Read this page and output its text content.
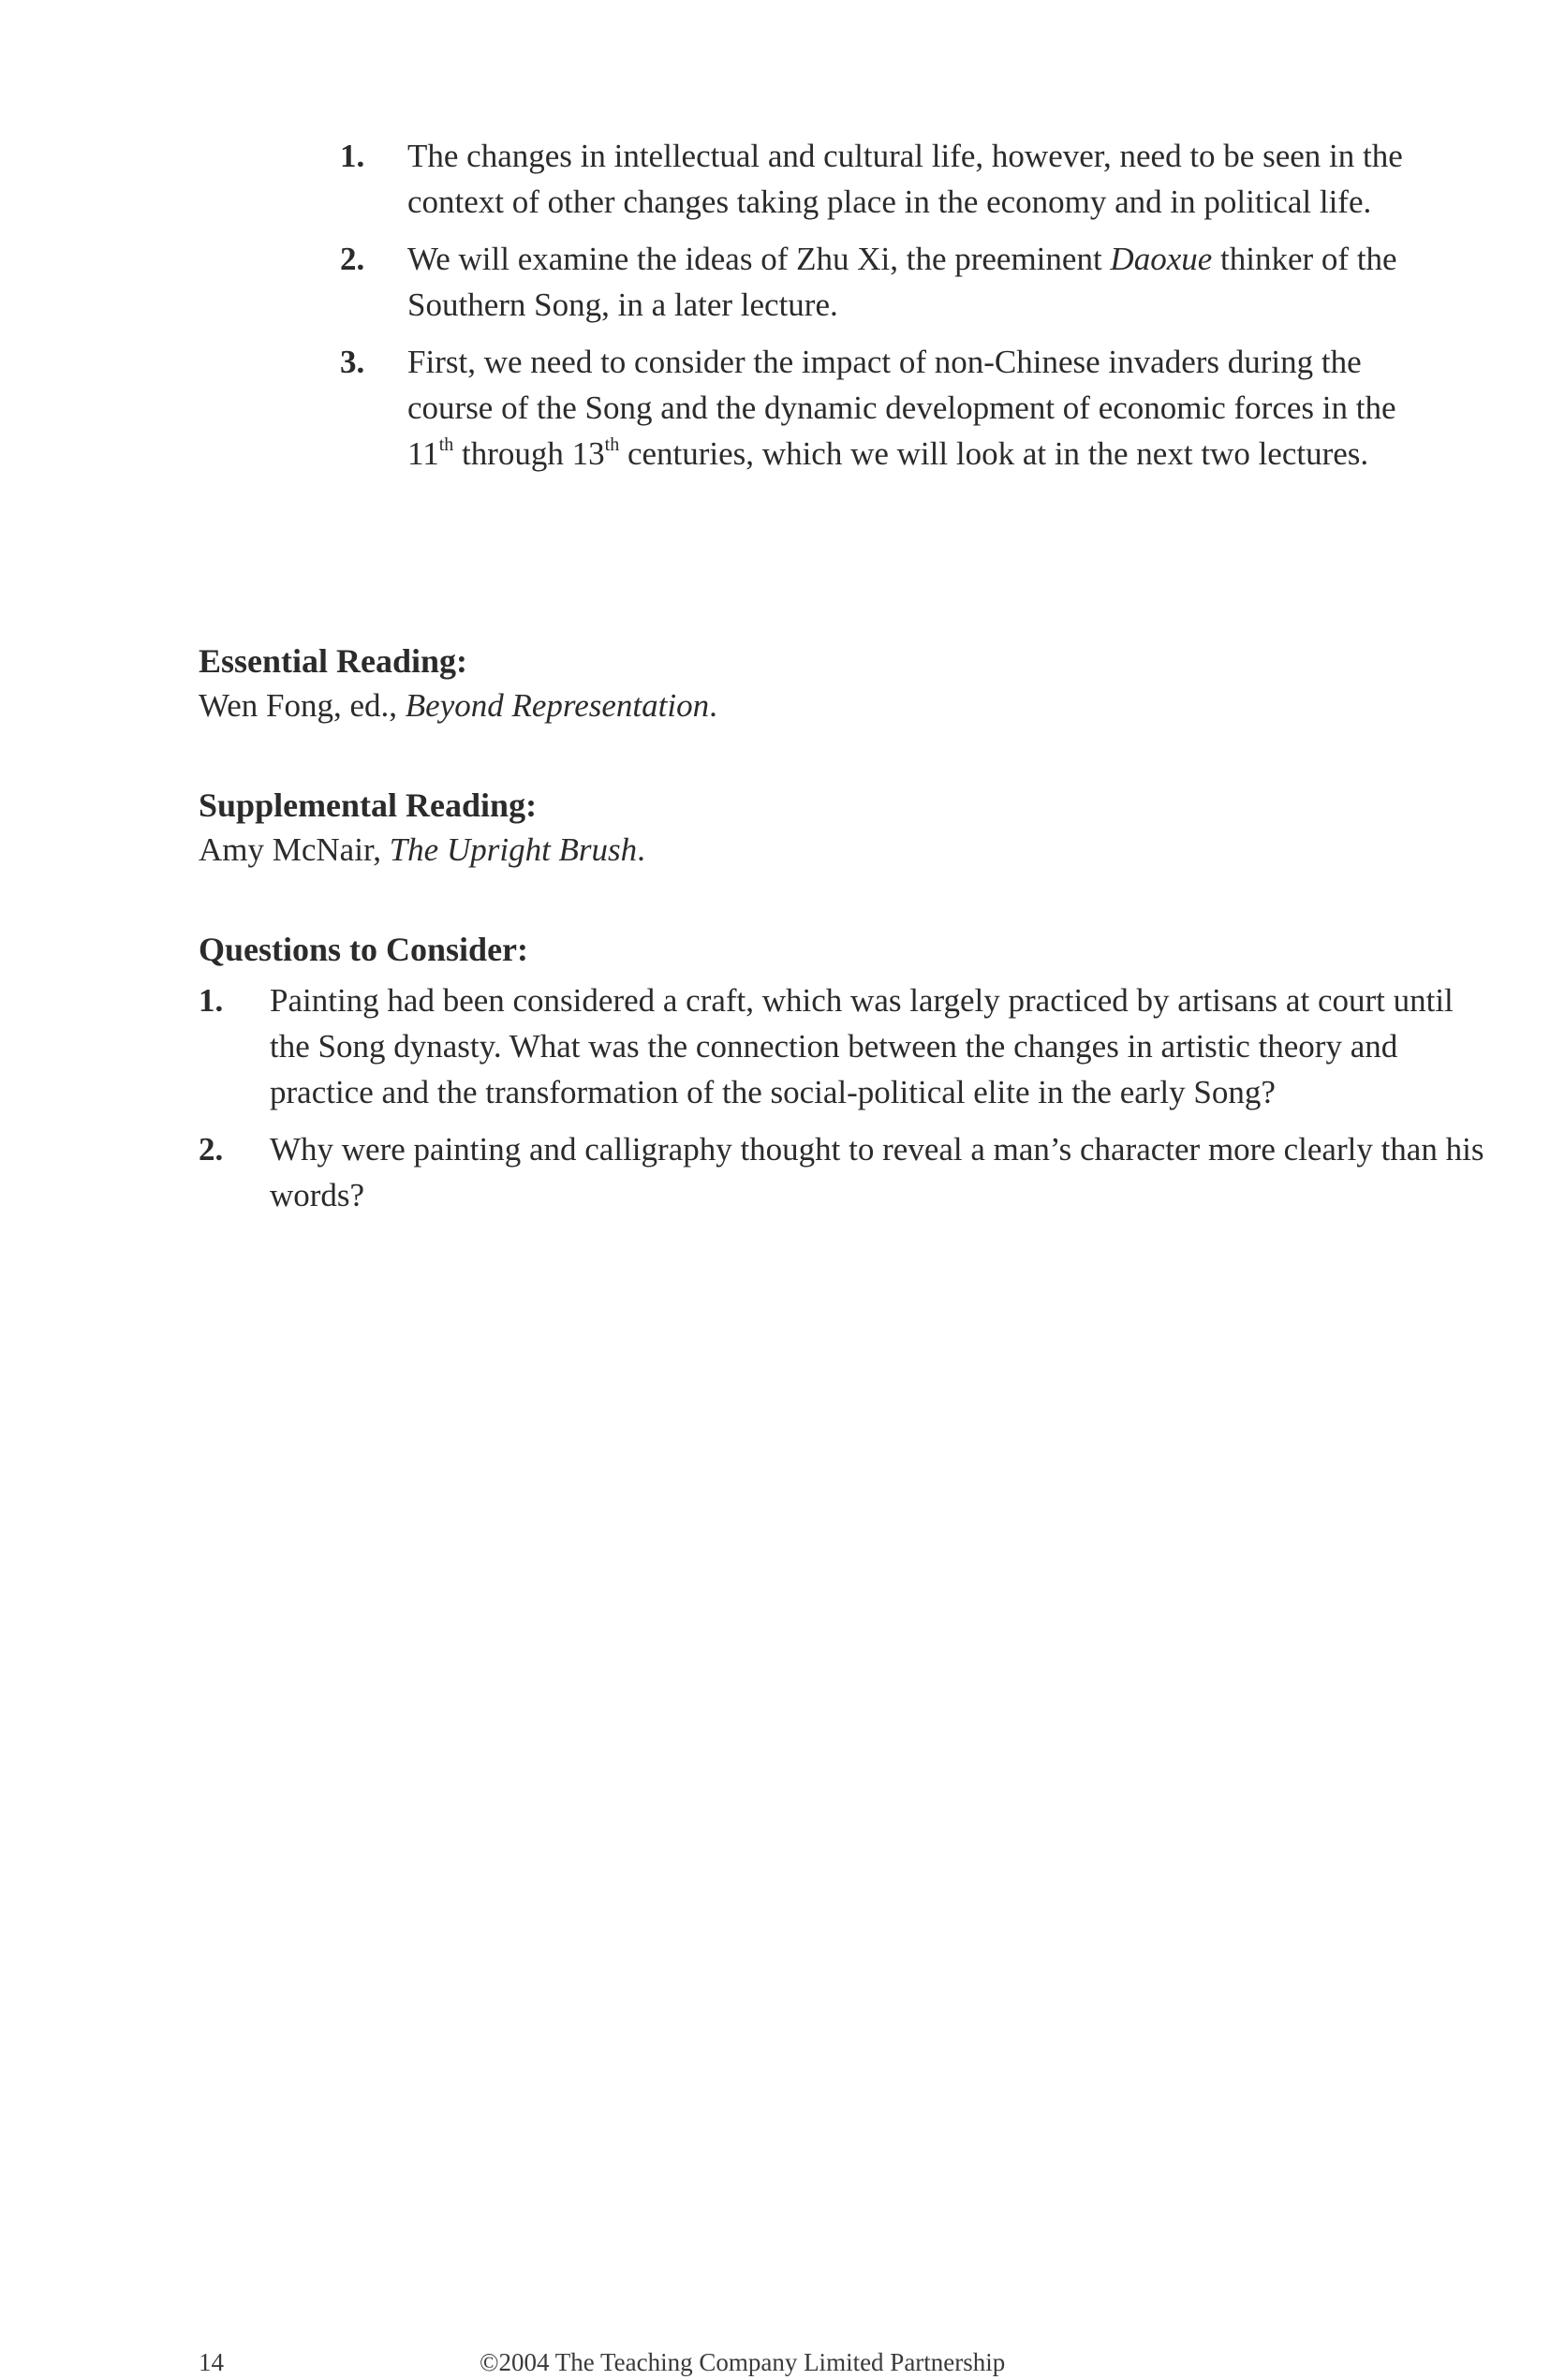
1.	The changes in intellectual and cultural life, however, need to be seen in the context of other changes taking place in the economy and in political life.
2.	We will examine the ideas of Zhu Xi, the preeminent Daoxue thinker of the Southern Song, in a later lecture.
3.	First, we need to consider the impact of non-Chinese invaders during the course of the Song and the dynamic development of economic forces in the 11th through 13th centuries, which we will look at in the next two lectures.

Essential Reading:

Wen Fong, ed., Beyond Representation.

Supplemental Reading:

Amy McNair, The Upright Brush.

Questions to Consider:

1.	Painting had been considered a craft, which was largely practiced by artisans at court until the Song dynasty. What was the connection between the changes in artistic theory and practice and the transformation of the social-political elite in the early Song?
2.	Why were painting and calligraphy thought to reveal a man’s character more clearly than his words?
14	©2004 The Teaching Company Limited Partnership
